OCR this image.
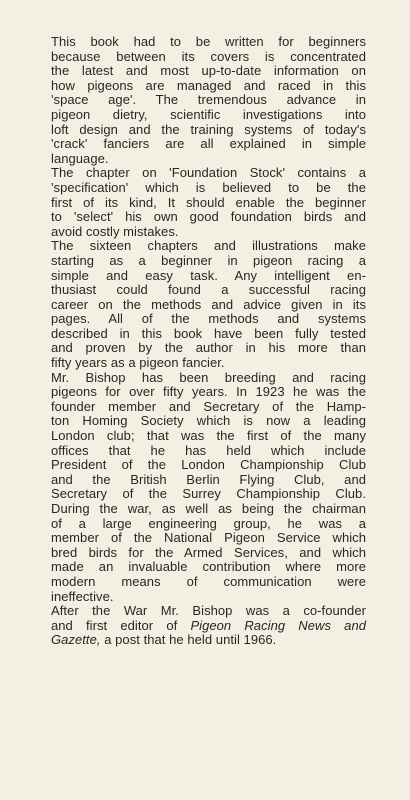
This book had to be written for beginners
because between its covers is concentrated
the latest and most up-to-date information on
how pigeons are managed and raced in this
'space age'. The tremendous advance in
pigeon dietry, scientific investigations into
loft design and the training systems of today's
'crack' fanciers are all explained in simple
language.

The chapter on 'Foundation Stock' contains a
'specification' which is believed to be the
first of its kind, It should enable the beginner
to 'select' his own good foundation birds and
avoid costly mistakes.

The sixteen chapters and illustrations make
starting as a beginner in pigeon racing a
simple and easy task. Any intelligent en-
thusiast could found a successful racing
career on the methods and advice given in its
pages. All of the methods and systems
described in this book have been fully tested
and proven by the author in his more than
fifty years as a pigeon fancier.

Mr. Bishop has been breeding and racing
pigeons for over fifty years. In 1923 he was the
founder member and Secretary of the Hamp-
ton Homing Society which is now a leading
London club; that was the first of the many
offices that he has held which include
President of the London Championship Club
and the British Berlin Flying Club, and
Secretary of the Surrey Championship Club.
During the war, as well as being the chairman
of a large engineering group, he was a
member of the National Pigeon Service which
bred birds for the Armed Services, and which
made an invaluable contribution where more
modern means of communication were
ineffective.

After the War Mr. Bishop was a co-founder
and first editor of Pigeon Racing News and
Gazette, a post that he held until 1966.
